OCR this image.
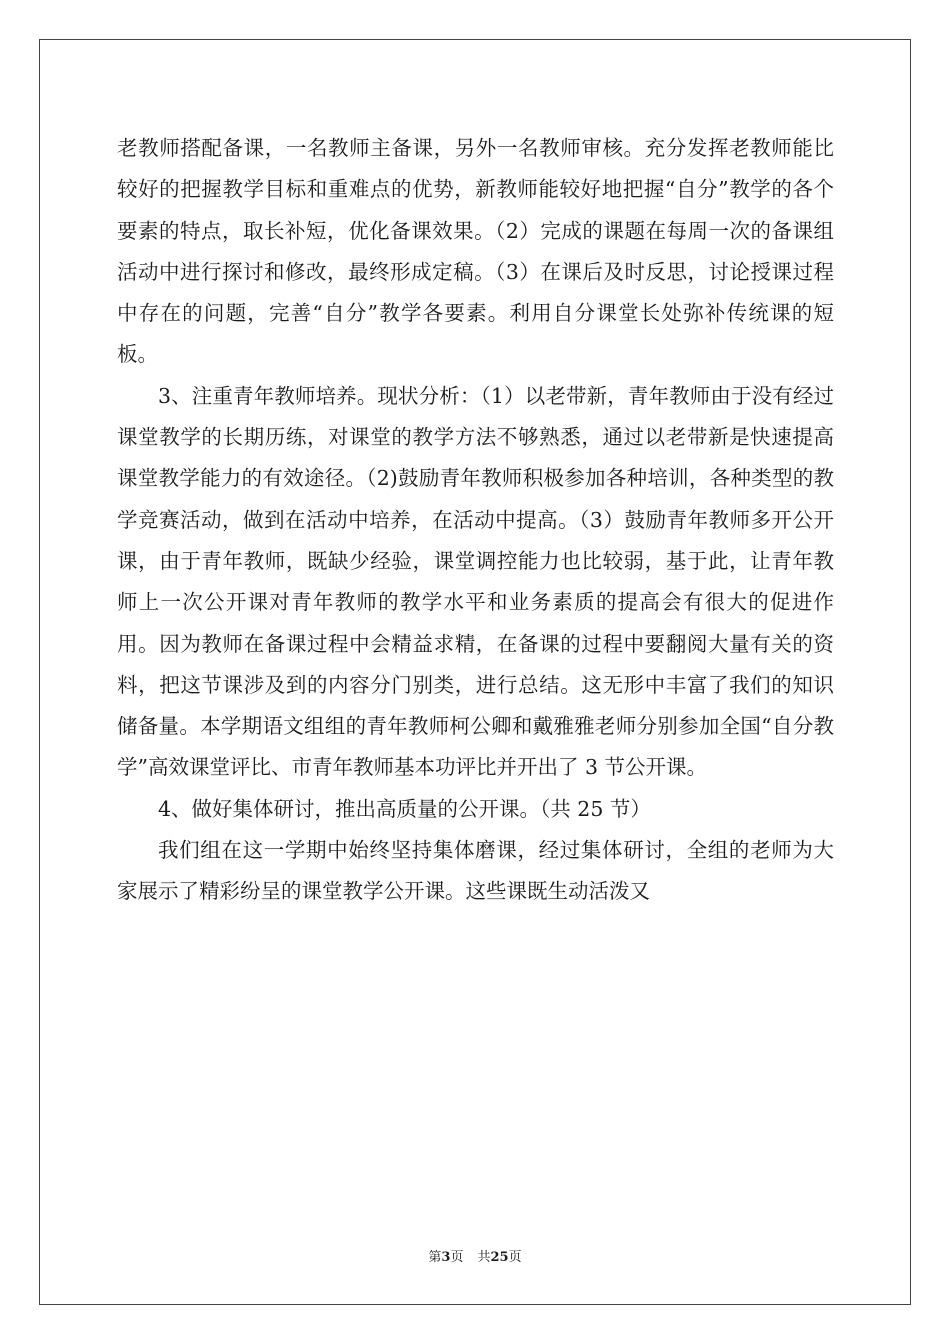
老教师搭配备课，一名教师主备课，另外一名教师审核。充分发挥老教师能比较好的把握教学目标和重难点的优势，新教师能较好地把握“自分”教学的各个要素的特点，取长补短，优化备课效果。（2）完成的课题在每周一次的备课组活动中进行探讨和修改，最终形成定稿。（3）在课后及时反思，讨论授课过程中存在的问题，完善“自分”教学各要素。利用自分课堂长处弥补传统课的短板。

3、注重青年教师培养。现状分析：（1）以老带新，青年教师由于没有经过课堂教学的长期历练，对课堂的教学方法不够熟悉，通过以老带新是快速提高课堂教学能力的有效途径。（2)鼓励青年教师积极参加各种培训，各种类型的教学竞赛活动，做到在活动中培养，在活动中提高。（3）鼓励青年教师多开公开课，由于青年教师，既缺少经验，课堂调控能力也比较弱，基于此，让青年教师上一次公开课对青年教师的教学水平和业务素质的提高会有很大的促进作用。因为教师在备课过程中会精益求精，在备课的过程中要翻阅大量有关的资料，把这节课涉及到的内容分门别类，进行总结。这无形中丰富了我们的知识储备量。本学期语文组组的青年教师柯公卿和戴雅雅老师分别参加全国“自分教学”高效课堂评比、市青年教师基本功评比并开出了 3 节公开课。

4、做好集体研讨，推出高质量的公开课。（共 25 节）

我们组在这一学期中始终坚持集体磨课，经过集体研讨，全组的老师为大家展示了精彩纷呈的课堂教学公开课。这些课既生动活泼又

第3页 共25页
